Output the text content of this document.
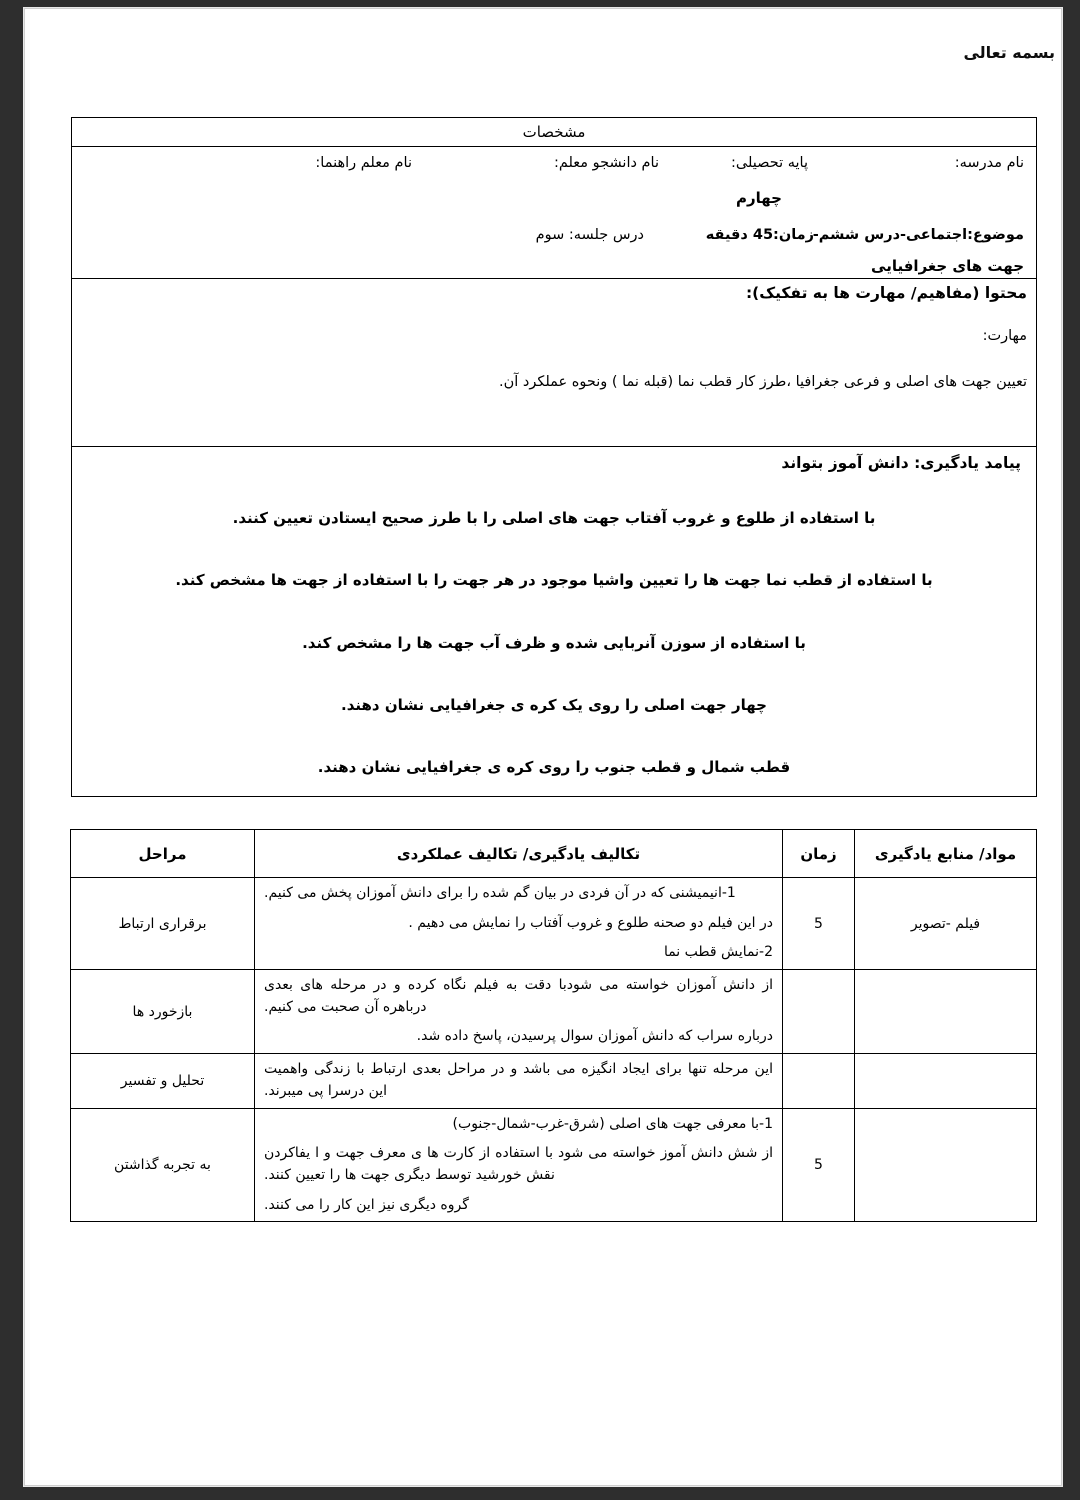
بسمه تعالی
مشخصات

نام مدرسه:
پایه تحصیلی:
چهارم
نام دانشجو معلم:
نام معلم راهنما:
موضوع:اجتماعی-درس ششم-
جهت های جغرافیایی
زمان:45 دقیقه
درس جلسه: سوم

محتوا (مفاهیم/ مهارت ها به تفکیک):

مهارت:

تعیین جهت های اصلی و فرعی جغرافیا ،طرز کار قطب نما (قبله نما ) ونحوه عملکرد آن.

پیامد یادگیری: دانش آموز بتواند
با استفاده از طلوع و غروب آفتاب جهت های اصلی را با طرز صحیح ایستادن تعیین کنند.
با استفاده از قطب نما جهت ها را تعیین واشیا موجود در هر جهت را با استفاده از جهت ها مشخص کند.
با استفاده از سوزن آنربایی شده و ظرف آب جهت ها را مشخص کند.
چهار جهت اصلی را روی یک کره ی جغرافیایی نشان دهند.
قطب شمال و قطب جنوب را روی کره ی جغرافیایی نشان دهند.
مواد/ منابع یادگیری	زمان	تکالیف یادگیری/ تکالیف عملکردی	مراحل
فیلم -تصویر	5	1-انیمیشنی که در آن فردی در بیان گم شده را برای دانش آموزان پخش می کنیم.

در این فیلم دو صحنه طلوع و غروب آفتاب را نمایش می دهیم .

2-نمایش قطب نما	برقراری ارتباط

		از دانش آموزان خواسته می شودبا دقت به فیلم نگاه کرده و در مرحله های بعدی درباهره آن صحبت می کنیم.

درباره سراب که دانش آموزان سوال پرسیدن، پاسخ داده شد.	بازخورد ها

		این مرحله تنها برای ایجاد انگیزه می باشد و در مراحل بعدی ارتباط با زندگی واهمیت این درسرا پی میبرند.	تحلیل و تفسیر
	5	1-با معرفی جهت های اصلی (شرق-غرب-شمال-جنوب)

از شش دانش آموز خواسته می شود با استفاده از کارت ها ی معرف جهت و ا یفاکردن نقش خورشید توسط دیگری جهت ها را تعیین کنند.

گروه دیگری نیز این کار را می کنند.	به تجربه گذاشتن
